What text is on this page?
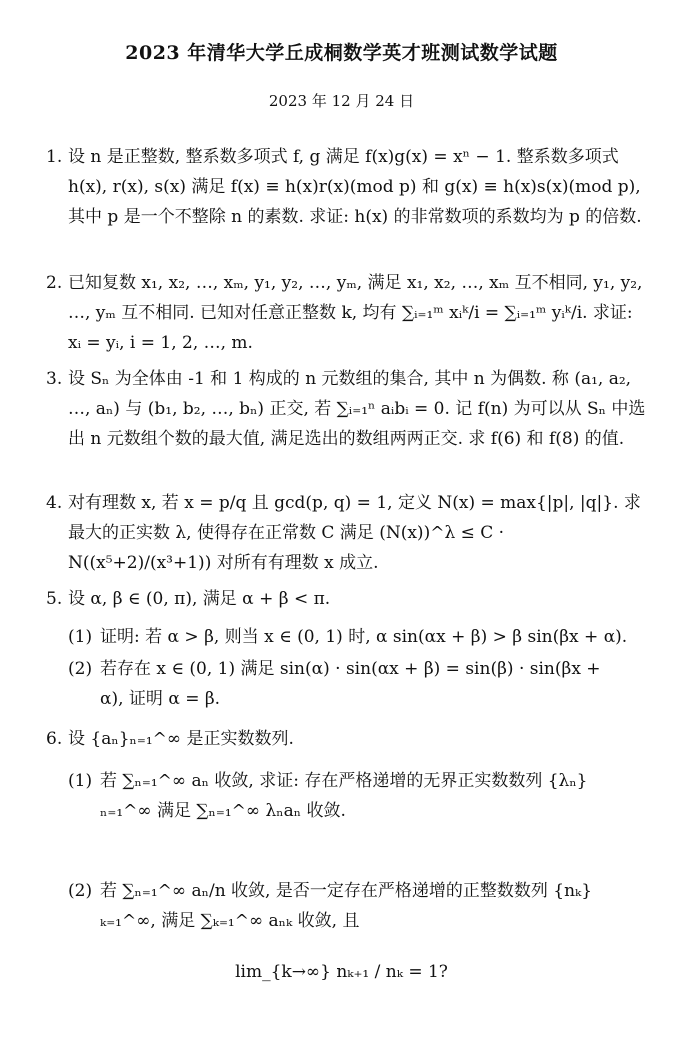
2023 年清华大学丘成桐数学英才班测试数学试题
2023 年 12 月 24 日
1. 设 n 是正整数, 整系数多项式 f, g 满足 f(x)g(x) = xⁿ − 1. 整系数多项式 h(x), r(x), s(x) 满足 f(x) ≡ h(x)r(x)(mod p) 和 g(x) ≡ h(x)s(x)(mod p), 其中 p 是一个不整除 n 的素数. 求证: h(x) 的非常数项的系数均为 p 的倍数.
2. 已知复数 x₁, x₂, …, xₘ, y₁, y₂, …, yₘ, 满足 x₁, x₂, …, xₘ 互不相同, y₁, y₂, …, yₘ 互不相同. 已知对任意正整数 k, 均有 ∑ᵢ₌₁ᵐ xᵢᵏ/i = ∑ᵢ₌₁ᵐ yᵢᵏ/i. 求证: xᵢ = yᵢ, i = 1, 2, …, m.
3. 设 Sₙ 为全体由 -1 和 1 构成的 n 元数组的集合, 其中 n 为偶数. 称 (a₁, a₂, …, aₙ) 与 (b₁, b₂, …, bₙ) 正交, 若 ∑ᵢ₌₁ⁿ aᵢbᵢ = 0. 记 f(n) 为可以从 Sₙ 中选出 n 元数组个数的最大值, 满足选出的数组两两正交. 求 f(6) 和 f(8) 的值.
4. 对有理数 x, 若 x = p/q 且 gcd(p, q) = 1, 定义 N(x) = max{|p|, |q|}. 求最大的正实数 λ, 使得存在正常数 C 满足 (N(x))^λ ≤ C · N((x⁵+2)/(x³+1)) 对所有有理数 x 成立.
5. 设 α, β ∈ (0, π), 满足 α + β < π.
(1) 证明: 若 α > β, 则当 x ∈ (0, 1) 时, α sin(αx + β) > β sin(βx + α).
(2) 若存在 x ∈ (0, 1) 满足 sin(α) · sin(αx + β) = sin(β) · sin(βx + α), 证明 α = β.
6. 设 {aₙ}ₙ₌₁^∞ 是正实数数列.
(1) 若 ∑ₙ₌₁^∞ aₙ 收敛, 求证: 存在严格递增的无界正实数数列 {λₙ}ₙ₌₁^∞ 满足 ∑ₙ₌₁^∞ λₙaₙ 收敛.
(2) 若 ∑ₙ₌₁^∞ aₙ/n 收敛, 是否一定存在严格递增的正整数数列 {nₖ}ₖ₌₁^∞, 满足 ∑ₖ₌₁^∞ aₙₖ 收敛, 且
lim_{k→∞} nₖ₊₁ / nₖ = 1?
